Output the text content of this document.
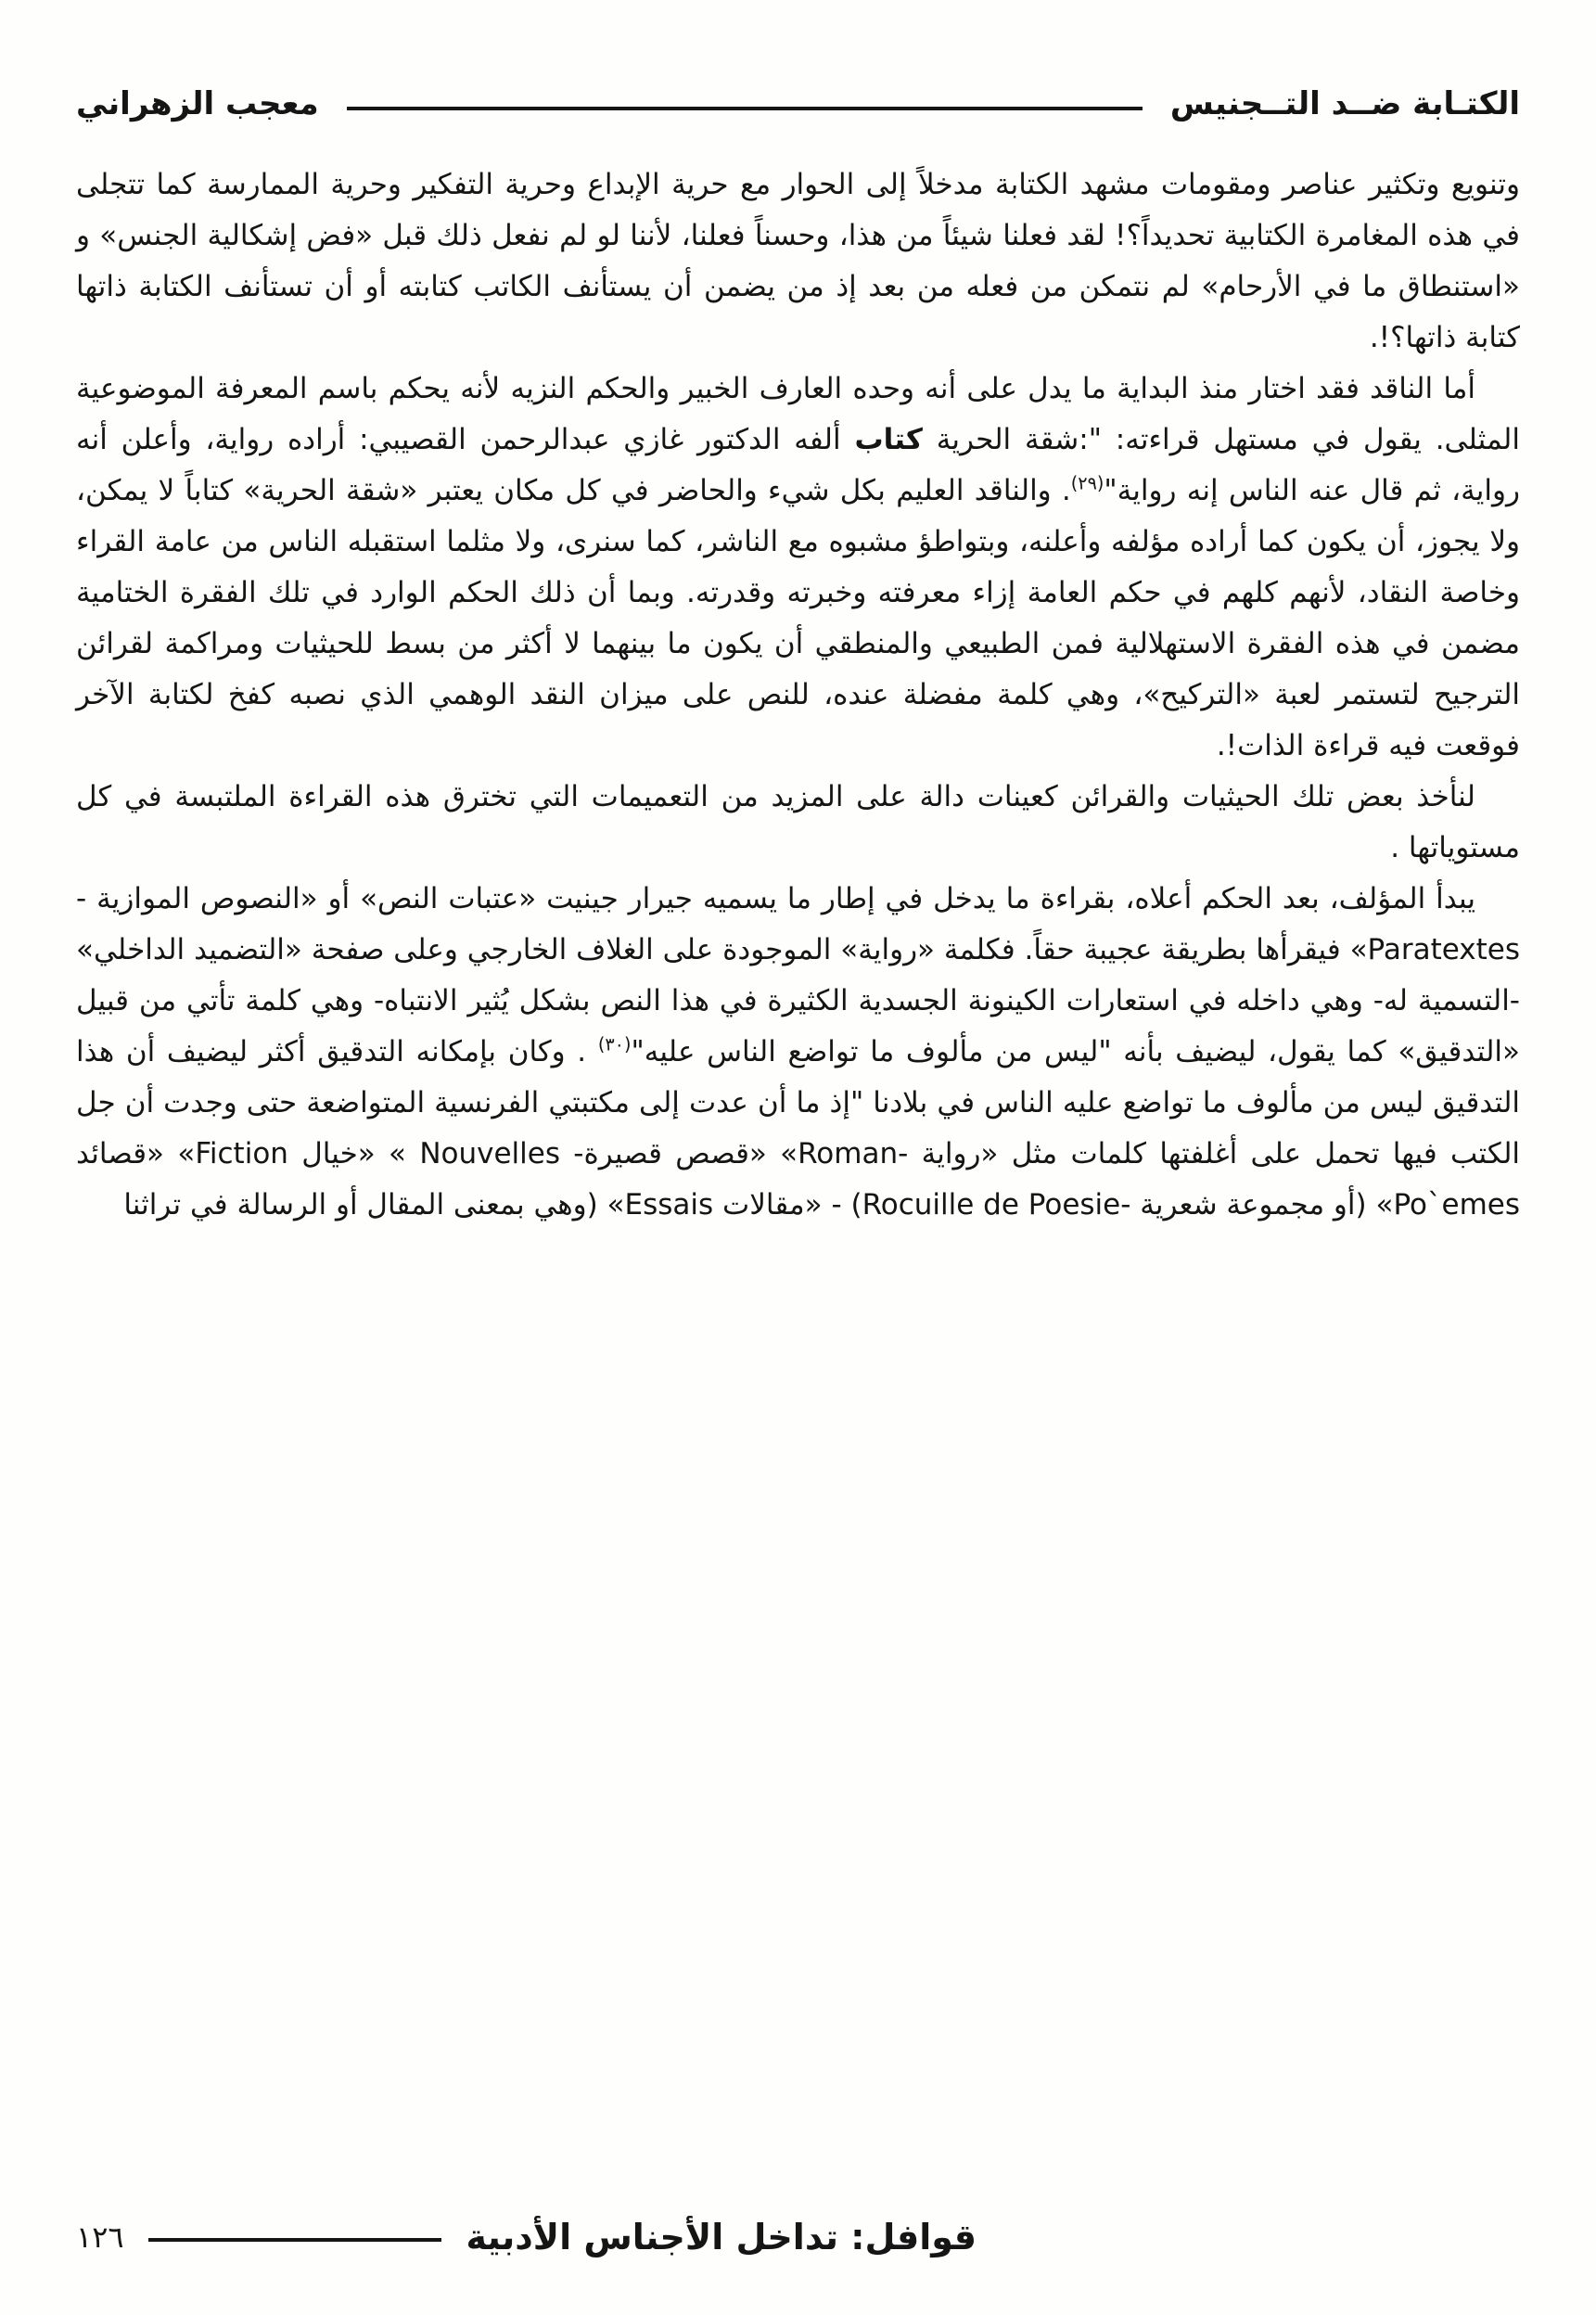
معجب الزهراني	الكتـابة ضــد التــجنيس

وتنويع وتكثير عناصر ومقومات مشهد الكتابة مدخلاً إلى الحوار مع حرية الإبداع وحرية التفكير وحرية الممارسة كما تتجلى في هذه المغامرة الكتابية تحديداً؟! لقد فعلنا شيئاً من هذا، وحسناً فعلنا، لأننا لو لم نفعل ذلك قبل «فض إشكالية الجنس» و «استنطاق ما في الأرحام» لم نتمكن من فعله من بعد إذ من يضمن أن يستأنف الكاتب كتابته أو أن تستأنف الكتابة ذاتها كتابة ذاتها؟!.

أما الناقد فقد اختار منذ البداية ما يدل على أنه وحده العارف الخبير والحكم النزيه لأنه يحكم باسم المعرفة الموضوعية المثلى. يقول في مستهل قراءته: ":شقة الحرية كتاب ألفه الدكتور غازي عبدالرحمن القصيبي: أراده رواية، وأعلن أنه رواية، ثم قال عنه الناس إنه رواية"$^{(٢٩)}$. والناقد العليم بكل شيء والحاضر في كل مكان يعتبر «شقة الحرية» كتاباً لا يمكن، ولا يجوز، أن يكون كما أراده مؤلفه وأعلنه، وبتواطؤ مشبوه مع الناشر، كما سنرى، ولا مثلما استقبله الناس من عامة القراء وخاصة النقاد، لأنهم كلهم في حكم العامة إزاء معرفته وخبرته وقدرته. وبما أن ذلك الحكم الوارد في تلك الفقرة الختامية مضمن في هذه الفقرة الاستهلالية فمن الطبيعي والمنطقي أن يكون ما بينهما لا أكثر من بسط للحيثيات ومراكمة لقرائن الترجيح لتستمر لعبة «التركيح»، وهي كلمة مفضلة عنده، للنص على ميزان النقد الوهمي الذي نصبه كفخ لكتابة الآخر فوقعت فيه قراءة الذات!.

لنأخذ بعض تلك الحيثيات والقرائن كعينات دالة على المزيد من التعميمات التي تخترق هذه القراءة الملتبسة في كل مستوياتها .

يبدأ المؤلف، بعد الحكم أعلاه، بقراءة ما يدخل في إطار ما يسميه جيرار جينيت «عتبات النص» أو «النصوص الموازية - Paratextes» فيقرأها بطريقة عجيبة حقاً. فكلمة «رواية» الموجودة على الغلاف الخارجي وعلى صفحة «التضميد الداخلي» -التسمية له- وهي داخله في استعارات الكينونة الجسدية الكثيرة في هذا النص بشكل يُثير الانتباه- وهي كلمة تأتي من قبيل «التدقيق» كما يقول، ليضيف بأنه "ليس من مألوف ما تواضع الناس عليه"$^{(٣٠)}$ . وكان بإمكانه التدقيق أكثر ليضيف أن هذا التدقيق ليس من مألوف ما تواضع عليه الناس في بلادنا "إذ ما أن عدت إلى مكتبتي الفرنسية المتواضعة حتى وجدت أن جل الكتب فيها تحمل على أغلفتها كلمات مثل «رواية -Roman» «قصص قصيرة- Nouvelles » «خيال Fiction» «قصائد Po`emes» (أو مجموعة شعرية -Rocuille de Poesie) - «مقالات Essais» (وهي بمعنى المقال أو الرسالة في تراثنا

١٢٦	قوافل: تداخل الأجناس الأدبية
